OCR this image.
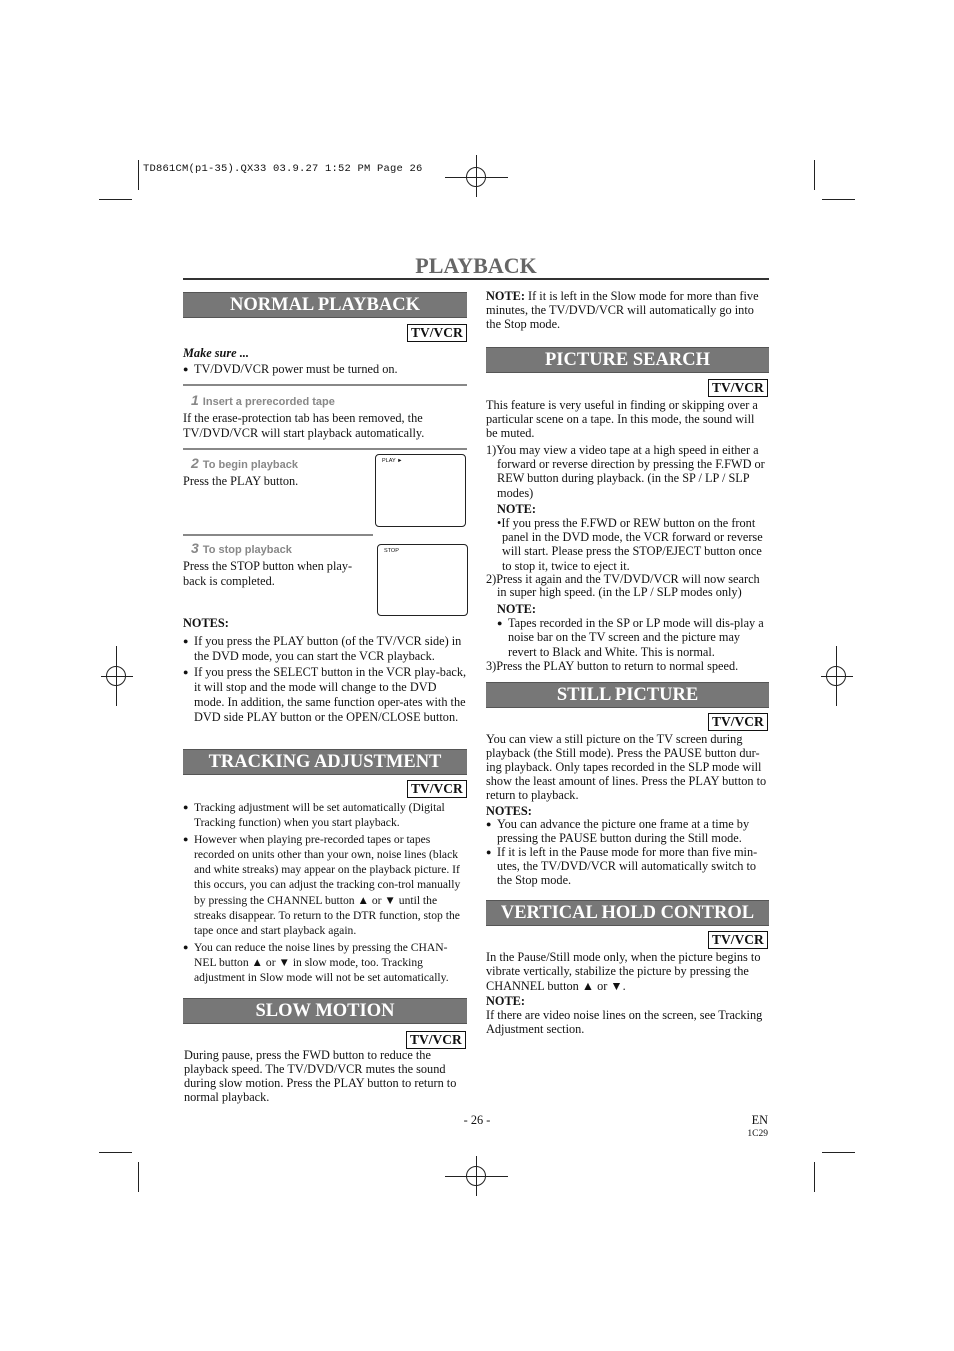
TD861CM(p1-35).QX33 03.9.27 1:52 PM Page 26
PLAYBACK
NORMAL PLAYBACK
TV/VCR
Make sure ...
● TV/DVD/VCR power must be turned on.
1 Insert a prerecorded tape
If the erase-protection tab has been removed, the TV/DVD/VCR will start playback automatically.
2 To begin playback
Press the PLAY button.
PLAY ►
3 To stop playback
Press the STOP button when play-back is completed.
STOP
NOTES:
● If you press the PLAY button (of the TV/VCR side) in the DVD mode, you can start the VCR playback.
● If you press the SELECT button in the VCR play-back, it will stop and the mode will change to the DVD mode. In addition, the same function oper-ates with the DVD side PLAY button or the OPEN/CLOSE button.
TRACKING ADJUSTMENT
TV/VCR
● Tracking adjustment will be set automatically (Digital Tracking function) when you start playback.
● However when playing pre-recorded tapes or tapes recorded on units other than your own, noise lines (black and white streaks) may appear on the playback picture. If this occurs, you can adjust the tracking con-trol manually by pressing the CHANNEL button ▲ or ▼ until the streaks disappear. To return to the DTR function, stop the tape once and start playback again.
● You can reduce the noise lines by pressing the CHAN-NEL button ▲ or ▼ in slow mode, too. Tracking adjustment in Slow mode will not be set automatically.
SLOW MOTION
TV/VCR
During pause, press the FWD button to reduce the playback speed. The TV/DVD/VCR mutes the sound during slow motion. Press the PLAY button to return to normal playback.
NOTE: If it is left in the Slow mode for more than five minutes, the TV/DVD/VCR will automatically go into the Stop mode.
PICTURE SEARCH
TV/VCR
This feature is very useful in finding or skipping over a particular scene on a tape. In this mode, the sound will be muted.
1)You may view a video tape at a high speed in either a forward or reverse direction by pressing the F.FWD or REW button during playback. (in the SP / LP / SLP modes)
NOTE:
•If you press the F.FWD or REW button on the front panel in the DVD mode, the VCR forward or reverse will start. Please press the STOP/EJECT button once to stop it, twice to eject it.
2)Press it again and the TV/DVD/VCR will now search in super high speed. (in the LP / SLP modes only)
NOTE:
● Tapes recorded in the SP or LP mode will dis-play a noise bar on the TV screen and the picture may revert to Black and White. This is normal.
3)Press the PLAY button to return to normal speed.
STILL PICTURE
TV/VCR
You can view a still picture on the TV screen during playback (the Still mode). Press the PAUSE button dur-ing playback. Only tapes recorded in the SLP mode will show the least amount of lines. Press the PLAY button to return to playback.
NOTES:
● You can advance the picture one frame at a time by pressing the PAUSE button during the Still mode.
● If it is left in the Pause mode for more than five min-utes, the TV/DVD/VCR will automatically switch to the Stop mode.
VERTICAL HOLD CONTROL
TV/VCR
In the Pause/Still mode only, when the picture begins to vibrate vertically, stabilize the picture by pressing the CHANNEL button ▲ or ▼.
NOTE:
If there are video noise lines on the screen, see Tracking Adjustment section.
- 26 -	EN
1C29
